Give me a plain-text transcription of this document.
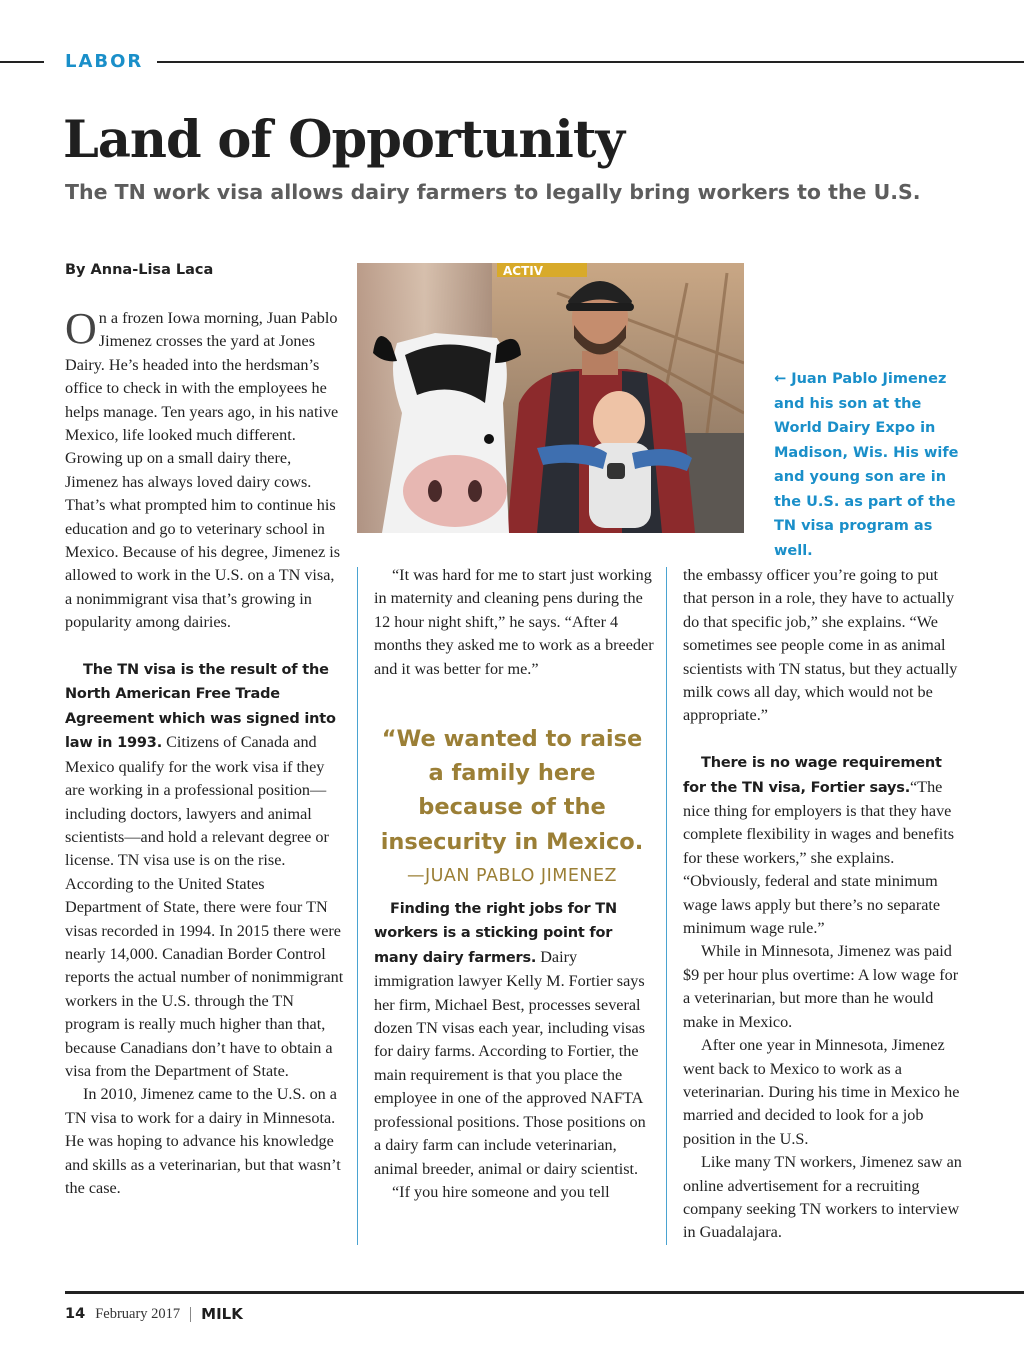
LABOR
Land of Opportunity
The TN work visa allows dairy farmers to legally bring workers to the U.S.
By Anna-Lisa Laca

On a frozen Iowa morning, Juan Pablo Jimenez crosses the yard at Jones Dairy. He’s headed into the herdsman’s office to check in with the employees he helps manage. Ten years ago, in his native Mexico, life looked much different. Growing up on a small dairy there, Jimenez has always loved dairy cows. That’s what prompted him to continue his education and go to veterinary school in Mexico. Because of his degree, Jimenez is allowed to work in the U.S. on a TN visa, a nonimmigrant visa that’s growing in popularity among dairies.

The TN visa is the result of the North American Free Trade Agreement which was signed into law in 1993. Citizens of Canada and Mexico qualify for the work visa if they are working in a professional position—including doctors, lawyers and animal scientists—and hold a relevant degree or license. TN visa use is on the rise. According to the United States Department of State, there were four TN visas recorded in 1994. In 2015 there were nearly 14,000. Canadian Border Control reports the actual number of nonimmigrant workers in the U.S. through the TN program is really much higher than that, because Canadians don’t have to obtain a visa from the Department of State.

In 2010, Jimenez came to the U.S. on a TN visa to work for a dairy in Minnesota. He was hoping to advance his knowledge and skills as a veterinarian, but that wasn’t the case.

ACTIV
← Juan Pablo Jimenez and his son at the World Dairy Expo in Madison, Wis. His wife and young son are in the U.S. as part of the TN visa program as well.

“It was hard for me to start just working in maternity and cleaning pens during the 12 hour night shift,” he says. “After 4 months they asked me to work as a breeder and it was better for me.”

Finding the right jobs for TN workers is a sticking point for many dairy farmers. Dairy immigration lawyer Kelly M. Fortier says her firm, Michael Best, processes several dozen TN visas each year, including visas for dairy farms. According to Fortier, the main requirement is that you place the employee in one of the approved NAFTA professional positions. Those positions on a dairy farm can include veterinarian, animal breeder, animal or dairy scientist.

“If you hire someone and you tell

“We wanted to raise a family here because of the insecurity in Mexico.
—JUAN PABLO JIMENEZ

the embassy officer you’re going to put that person in a role, they have to actually do that specific job,” she explains. “We sometimes see people come in as animal scientists with TN status, but they actually milk cows all day, which would not be appropriate.”

There is no wage requirement for the TN visa, Fortier says.“The nice thing for employers is that they have complete flexibility in wages and benefits for these workers,” she explains. “Obviously, federal and state minimum wage laws apply but there’s no separate minimum wage rule.”

While in Minnesota, Jimenez was paid $9 per hour plus overtime: A low wage for a veterinarian, but more than he would make in Mexico.

After one year in Minnesota, Jimenez went back to Mexico to work as a veterinarian. During his time in Mexico he married and decided to look for a job position in the U.S.

Like many TN workers, Jimenez saw an online advertisement for a recruiting company seeking TN workers to interview in Guadalajara.

14 February 2017 MILK
